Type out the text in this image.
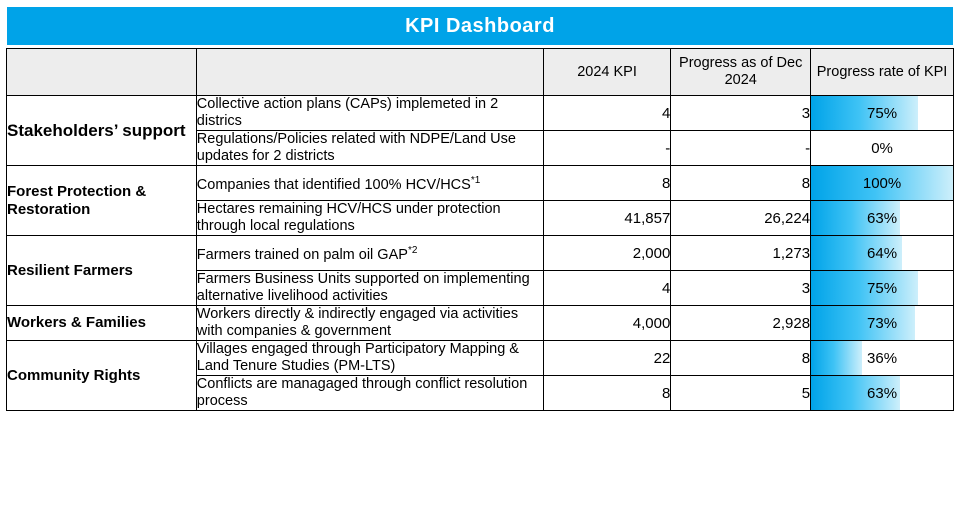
KPI Dashboard
		2024 KPI	Progress as of Dec 2024	Progress rate of KPI
Stakeholders’ support	Collective action plans (CAPs) implemeted in 2 districs	4	3	75%

	Regulations/Policies related with NDPE/Land Use updates for 2 districts	-	-	0%

Forest Protection & Restoration	Companies that identified 100% HCV/HCS$^{*1}$	8	8	100%

	Hectares remaining HCV/HCS under protection through local regulations	41,857	26,224	63%

Resilient Farmers	Farmers trained on palm oil GAP$^{*2}$	2,000	1,273	64%

	Farmers Business Units supported on implementing alternative livelihood activities	4	3	75%

Workers & Families	Workers directly & indirectly engaged via activities with companies & government	4,000	2,928	73%

Community Rights	Villages engaged through Participatory Mapping & Land Tenure Studies (PM-LTS)	22	8	36%

	Conflicts are managaged through conflict resolution process	8	5	63%
